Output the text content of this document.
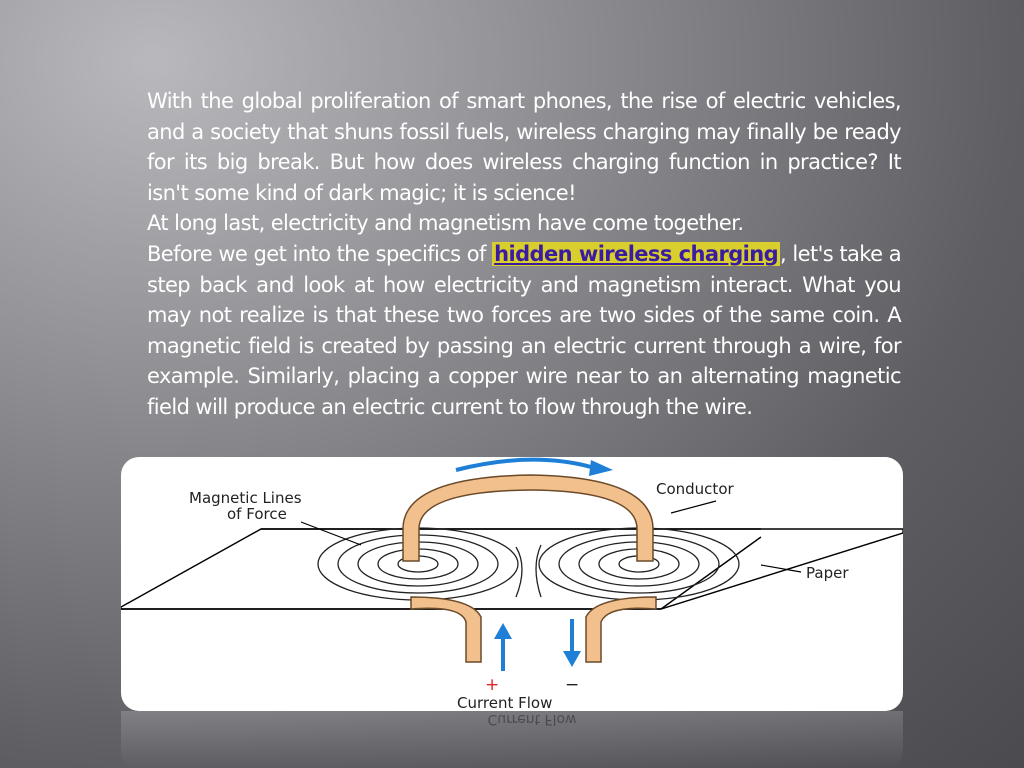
With the global proliferation of smart phones, the rise of electric vehicles, and a society that shuns fossil fuels, wireless charging may finally be ready for its big break. But how does wireless charging function in practice? It isn't some kind of dark magic; it is science!

At long last, electricity and magnetism have come together.

Before we get into the specifics of hidden wireless charging, let's take a step back and look at how electricity and magnetism interact. What you may not realize is that these two forces are two sides of the same coin. A magnetic field is created by passing an electric current through a wire, for example. Similarly, placing a copper wire near to an alternating magnetic field will produce an electric current to flow through the wire.

Magnetic Lines
of Force
Conductor
Paper
+	−
Current Flow
Current Flow
